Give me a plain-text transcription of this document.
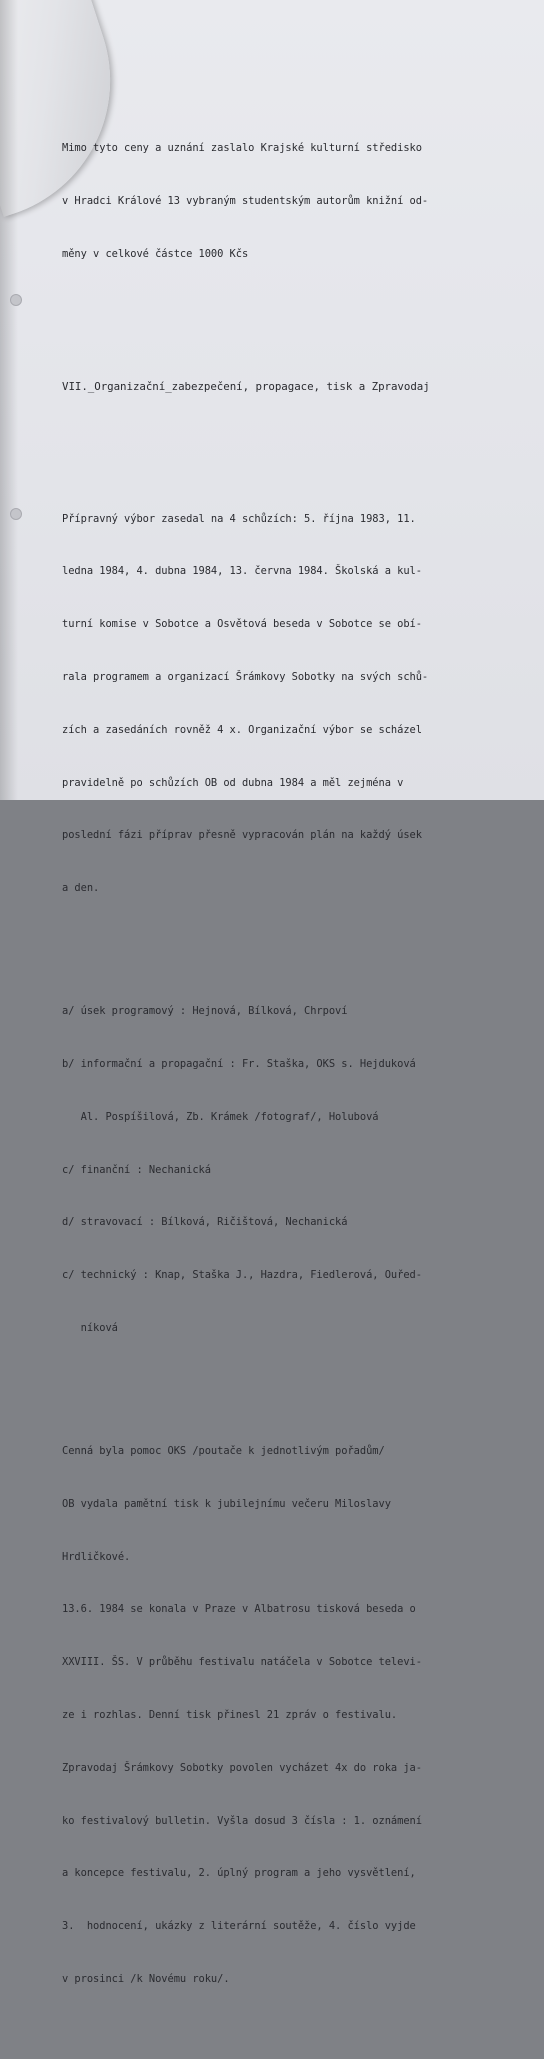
Mimo tyto ceny a uznání zaslalo Krajské kulturní středisko

v Hradci Králové 13 vybraným studentským autorům knižní od-

měny v celkové částce 1000 Kčs

VII._Organizační_zabezpečení, propagace, tisk a Zpravodaj

Přípravný výbor zasedal na 4 schůzích: 5. října 1983, 11.

ledna 1984, 4. dubna 1984, 13. června 1984. Školská a kul-

turní komise v Sobotce a Osvětová beseda v Sobotce se obí-

rala programem a organizací Šrámkovy Sobotky na svých schů-

zích a zasedáních rovněž 4 x. Organizační výbor se scházel

pravidelně po schůzích OB od dubna 1984 a měl zejména v

poslední fázi příprav přesně vypracován plán na každý úsek

a den.

a/ úsek programový : Hejnová, Bílková, Chrpoví

b/ informační a propagační : Fr. Staška, OKS s. Hejduková

Al. Pospíšilová, Zb. Krámek /fotograf/, Holubová

c/ finanční : Nechanická

d/ stravovací : Bílková, Ričištová, Nechanická

c/ technický : Knap, Staška J., Hazdra, Fiedlerová, Ouřed-

níková

Cenná byla pomoc OKS /poutače k jednotlivým pořadům/

OB vydala pamětní tisk k jubilejnímu večeru Miloslavy

Hrdličkové.

13.6. 1984 se konala v Praze v Albatrosu tisková beseda o

XXVIII. ŠS. V průběhu festivalu natáčela v Sobotce televi-

ze i rozhlas. Denní tisk přinesl 21 zpráv o festivalu.

Zpravodaj Šrámkovy Sobotky povolen vycházet 4x do roka ja-

ko festivalový bulletin. Vyšla dosud 3 čísla : 1. oznámení

a koncepce festivalu, 2. úplný program a jeho vysvětlení,

3.  hodnocení, ukázky z literární soutěže, 4. číslo vyjde

v prosinci /k Novému roku/.
